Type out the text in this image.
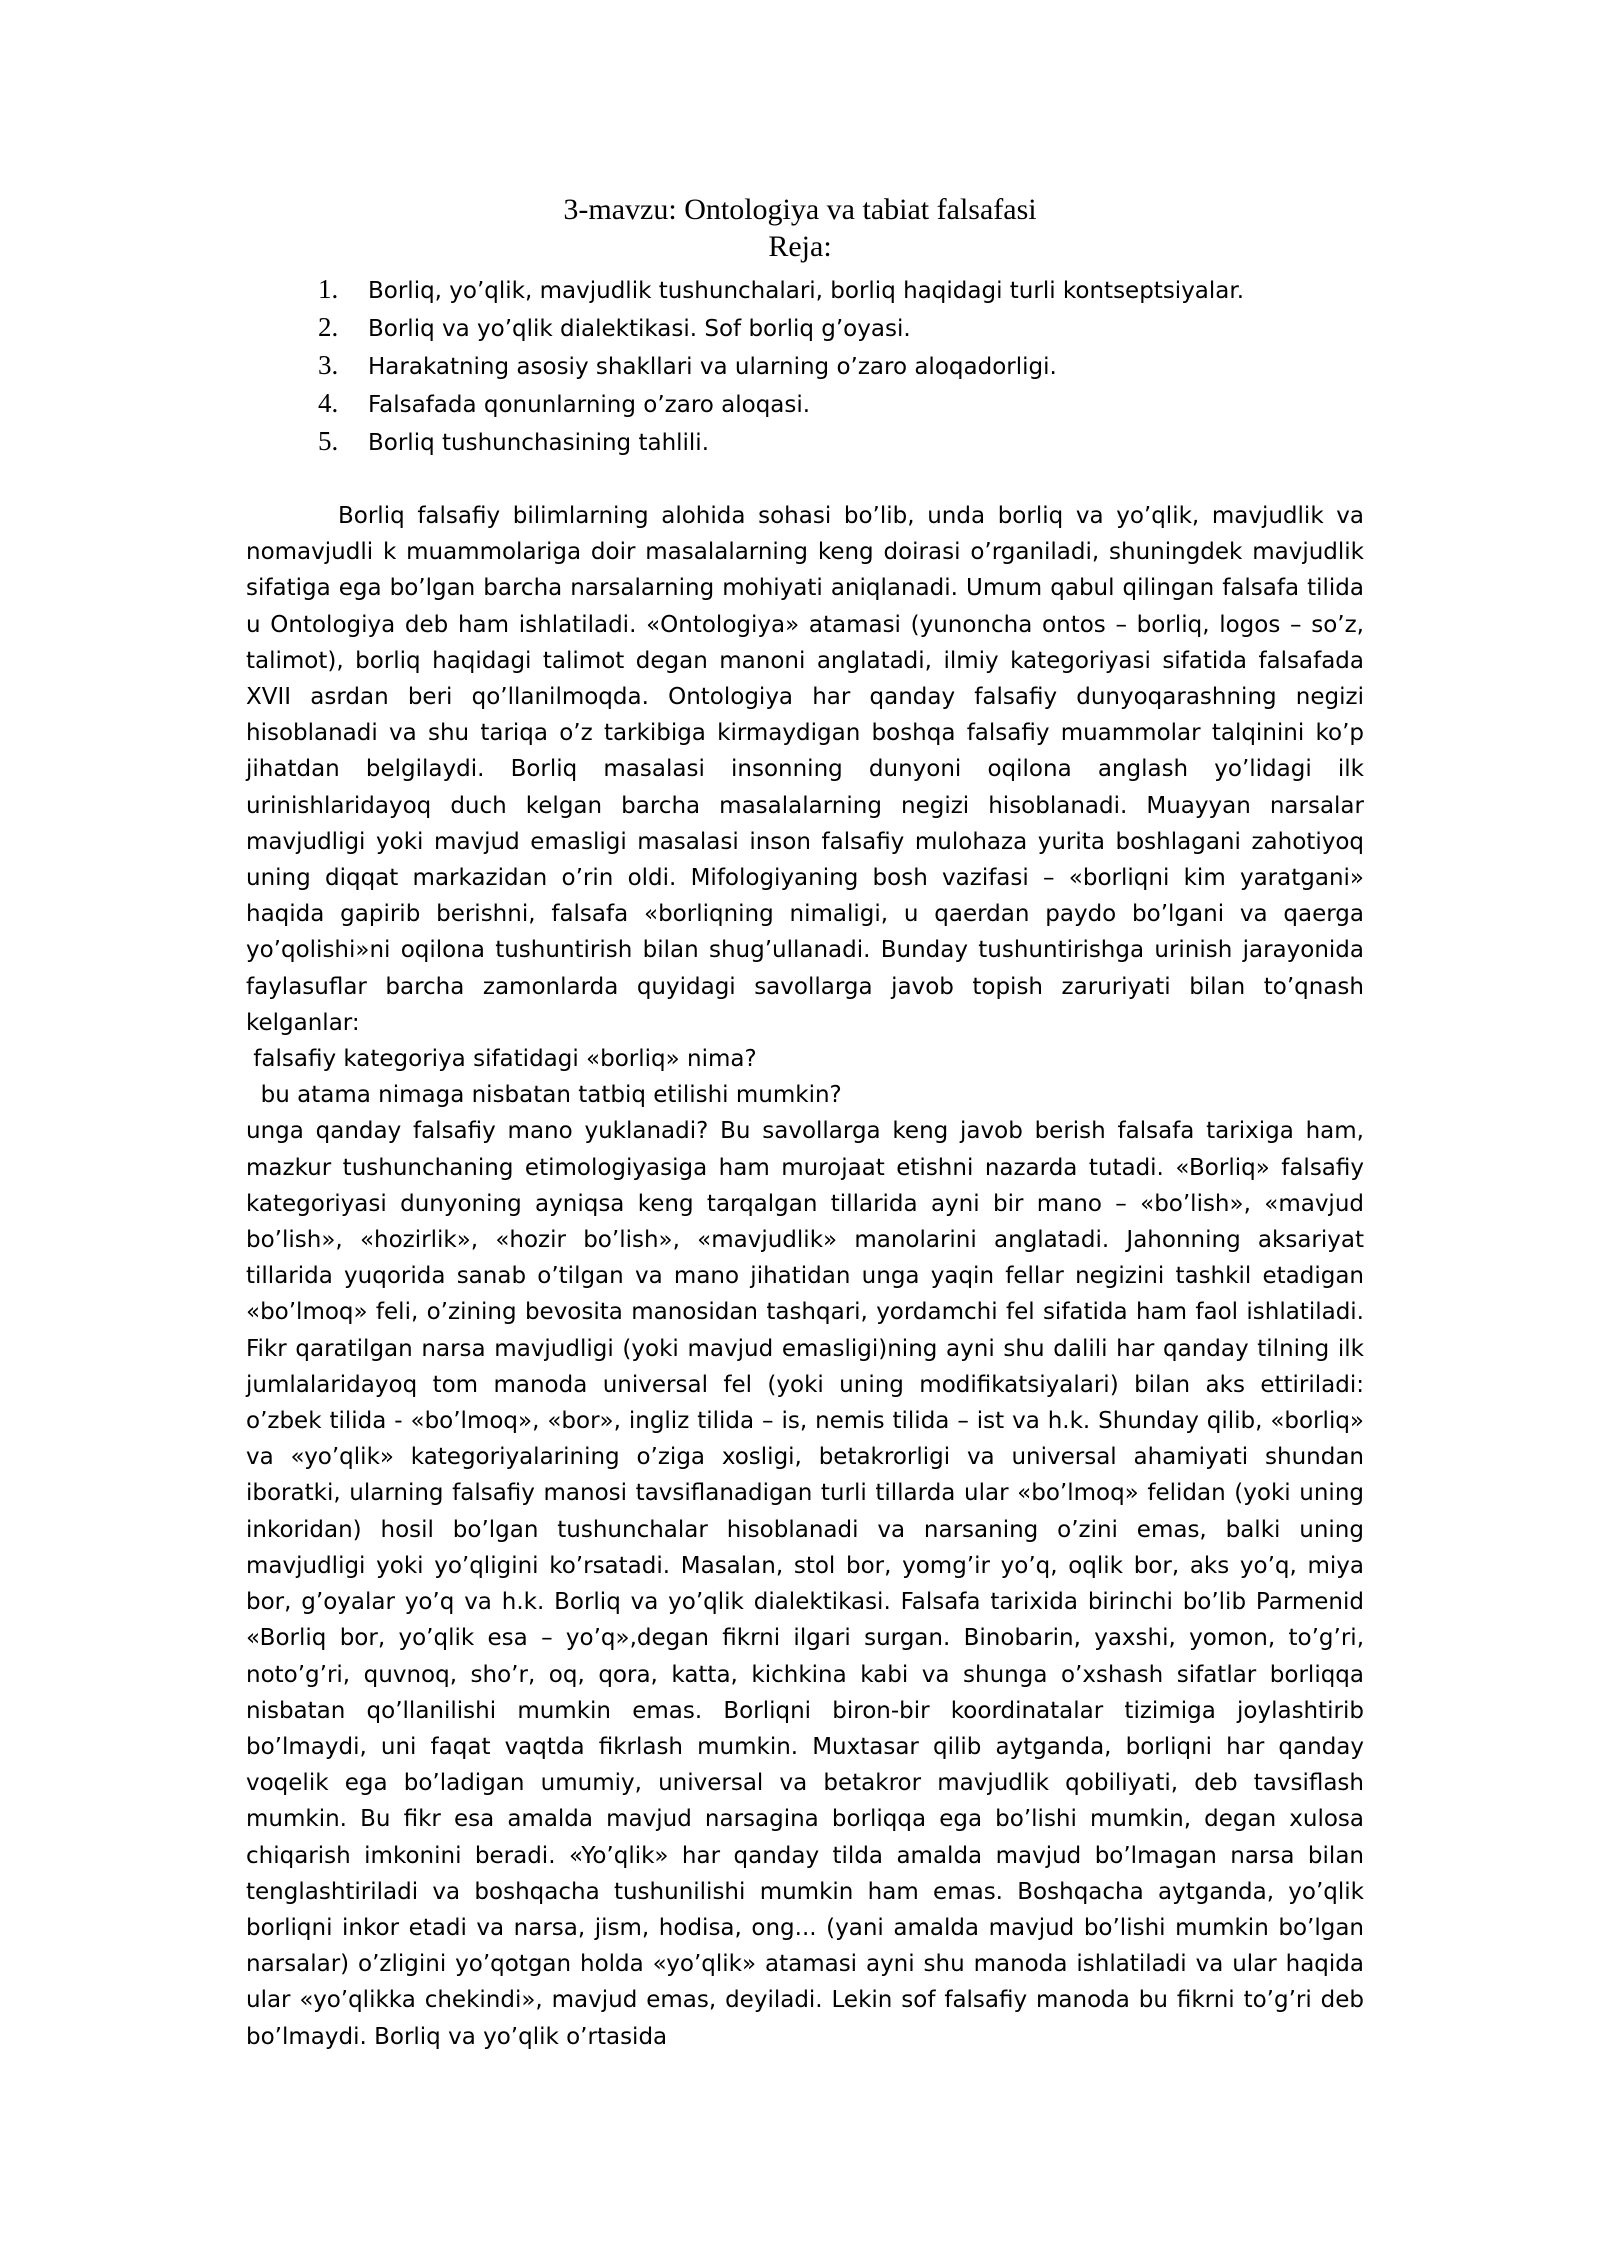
3-mavzu: Ontologiya va tabiat falsafasi
Reja:
1.	Borliq, yo’qlik, mavjudlik tushunchalari, borliq haqidagi turli kontseptsiyalar.
2.	Borliq va yo’qlik dialektikasi. Sof borliq g’oyasi.
3.	Harakatning asosiy shakllari va ularning o’zaro aloqadorligi.
4.	Falsafada qonunlarning o’zaro aloqasi.
5.	Borliq tushunchasining tahlili.

Borliq falsafiy bilimlarning alohida sohasi bo’lib, unda borliq va yo’qlik, mavjudlik va nomavjudli k muammolariga doir masalalarning keng doirasi o’rganiladi, shuningdek mavjudlik sifatiga ega bo’lgan barcha narsalarning mohiyati aniqlanadi. Umum qabul qilingan falsafa tilida u Ontologiya deb ham ishlatiladi. «Ontologiya» atamasi (yunoncha ontos – borliq, logos – so’z, talimot), borliq haqidagi talimot degan manoni anglatadi, ilmiy kategoriyasi sifatida falsafada XVII asrdan beri qo’llanilmoqda. Ontologiya har qanday falsafiy dunyoqarashning negizi hisoblanadi va shu tariqa o’z tarkibiga kirmaydigan boshqa falsafiy muammolar talqinini ko’p jihatdan belgilaydi. Borliq masalasi insonning dunyoni oqilona anglash yo’lidagi ilk urinishlaridayoq duch kelgan barcha masalalarning negizi hisoblanadi. Muayyan narsalar mavjudligi yoki mavjud emasligi masalasi inson falsafiy mulohaza yurita boshlagani zahotiyoq uning diqqat markazidan o’rin oldi. Mifologiyaning bosh vazifasi – «borliqni kim yaratgani» haqida gapirib berishni, falsafa «borliqning nimaligi, u qaerdan paydo bo’lgani va qaerga yo’qolishi»ni oqilona tushuntirish bilan shug’ullanadi. Bunday tushuntirishga urinish jarayonida faylasuflar barcha zamonlarda quyidagi savollarga javob topish zaruriyati bilan to’qnash kelganlar:

falsafiy kategoriya sifatidagi «borliq» nima?

bu atama nimaga nisbatan tatbiq etilishi mumkin?

unga qanday falsafiy mano yuklanadi? Bu savollarga keng javob berish falsafa tarixiga ham, mazkur tushunchaning etimologiyasiga ham murojaat etishni nazarda tutadi. «Borliq» falsafiy kategoriyasi dunyoning ayniqsa keng tarqalgan tillarida ayni bir mano – «bo’lish», «mavjud bo’lish», «hozirlik», «hozir bo’lish», «mavjudlik» manolarini anglatadi. Jahonning aksariyat tillarida yuqorida sanab o’tilgan va mano jihatidan unga yaqin fellar negizini tashkil etadigan «bo’lmoq» feli, o’zining bevosita manosidan tashqari, yordamchi fel sifatida ham faol ishlatiladi. Fikr qaratilgan narsa mavjudligi (yoki mavjud emasligi)ning ayni shu dalili har qanday tilning ilk jumlalaridayoq tom manoda universal fel (yoki uning modifikatsiyalari) bilan aks ettiriladi: o’zbek tilida - «bo’lmoq», «bor», ingliz tilida – is, nemis tilida – ist va h.k. Shunday qilib, «borliq» va «yo’qlik» kategoriyalarining o’ziga xosligi, betakrorligi va universal ahamiyati shundan iboratki, ularning falsafiy manosi tavsiflanadigan turli tillarda ular «bo’lmoq» felidan (yoki uning inkoridan) hosil bo’lgan tushunchalar hisoblanadi va narsaning o’zini emas, balki uning mavjudligi yoki yo’qligini ko’rsatadi. Masalan, stol bor, yomg’ir yo’q, oqlik bor, aks yo’q, miya bor, g’oyalar yo’q va h.k. Borliq va yo’qlik dialektikasi. Falsafa tarixida birinchi bo’lib Parmenid «Borliq bor, yo’qlik esa – yo’q»,degan fikrni ilgari surgan. Binobarin, yaxshi, yomon, to’g’ri, noto’g’ri, quvnoq, sho’r, oq, qora, katta, kichkina kabi va shunga o’xshash sifatlar borliqqa nisbatan qo’llanilishi mumkin emas. Borliqni biron-bir koordinatalar tizimiga joylashtirib bo’lmaydi, uni faqat vaqtda fikrlash mumkin. Muxtasar qilib aytganda, borliqni har qanday voqelik ega bo’ladigan umumiy, universal va betakror mavjudlik qobiliyati, deb tavsiflash mumkin. Bu fikr esa amalda mavjud narsagina borliqqa ega bo’lishi mumkin, degan xulosa chiqarish imkonini beradi. «Yo’qlik» har qanday tilda amalda mavjud bo’lmagan narsa bilan tenglashtiriladi va boshqacha tushunilishi mumkin ham emas. Boshqacha aytganda, yo’qlik borliqni inkor etadi va narsa, jism, hodisa, ong... (yani amalda mavjud bo’lishi mumkin bo’lgan narsalar) o’zligini yo’qotgan holda «yo’qlik» atamasi ayni shu manoda ishlatiladi va ular haqida ular «yo’qlikka chekindi», mavjud emas, deyiladi. Lekin sof falsafiy manoda bu fikrni to’g’ri deb bo’lmaydi. Borliq va yo’qlik o’rtasida
